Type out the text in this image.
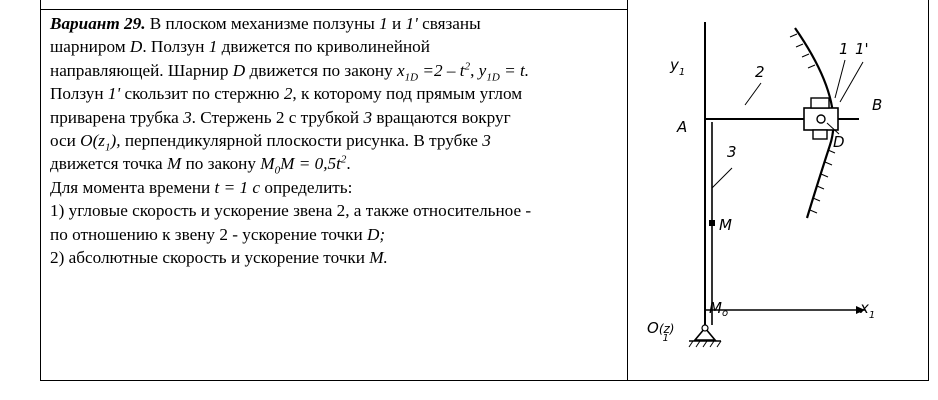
Вариант 29. В плоском механизме ползуны 1 и 1' связаны
шарниром D. Ползун 1 движется по криволинейной
направляющей. Шарнир D движется по закону $x_{1D} =2 - t^2$, $y_{1D} = t$.
Ползун 1' скользит по стержню 2, к которому под прямым углом
приварена трубка 3. Стержень 2 с трубкой 3 вращаются вокруг
оси $O(z_1)$, перпендикулярной плоскости рисунка. В трубке 3
движется точка M по закону $M_0M = 0,5t^2$.
Для момента времени t = 1 с определить:
1) угловые скорость и ускорение звена 2, а также относительное -
по отношению к звену 2 - ускорение точки D;
2) абсолютные скорость и ускорение точки M.
$y_1$	2
1 1'
B
A
D
3
M
$M_o$
O(z) 1
$x_1$
